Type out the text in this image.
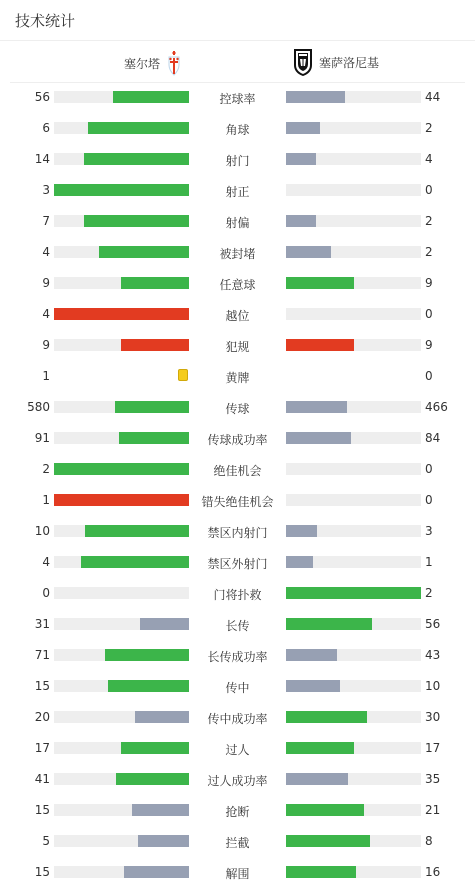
技术统计
塞尔塔	塞萨洛尼基
56	控球率	44
6	角球	2
14	射门	4
3	射正	0
7	射偏	2
4	被封堵	2
9	任意球	9
4	越位	0
9	犯规	9
1	黄牌	0
580	传球	466
91	传球成功率	84
2	绝佳机会	0
1	错失绝佳机会	0
10	禁区内射门	3
4	禁区外射门	1
0	门将扑救	2
31	长传	56
71	长传成功率	43
15	传中	10
20	传中成功率	30
17	过人	17
41	过人成功率	35
15	抢断	21
5	拦截	8
15	解围	16
